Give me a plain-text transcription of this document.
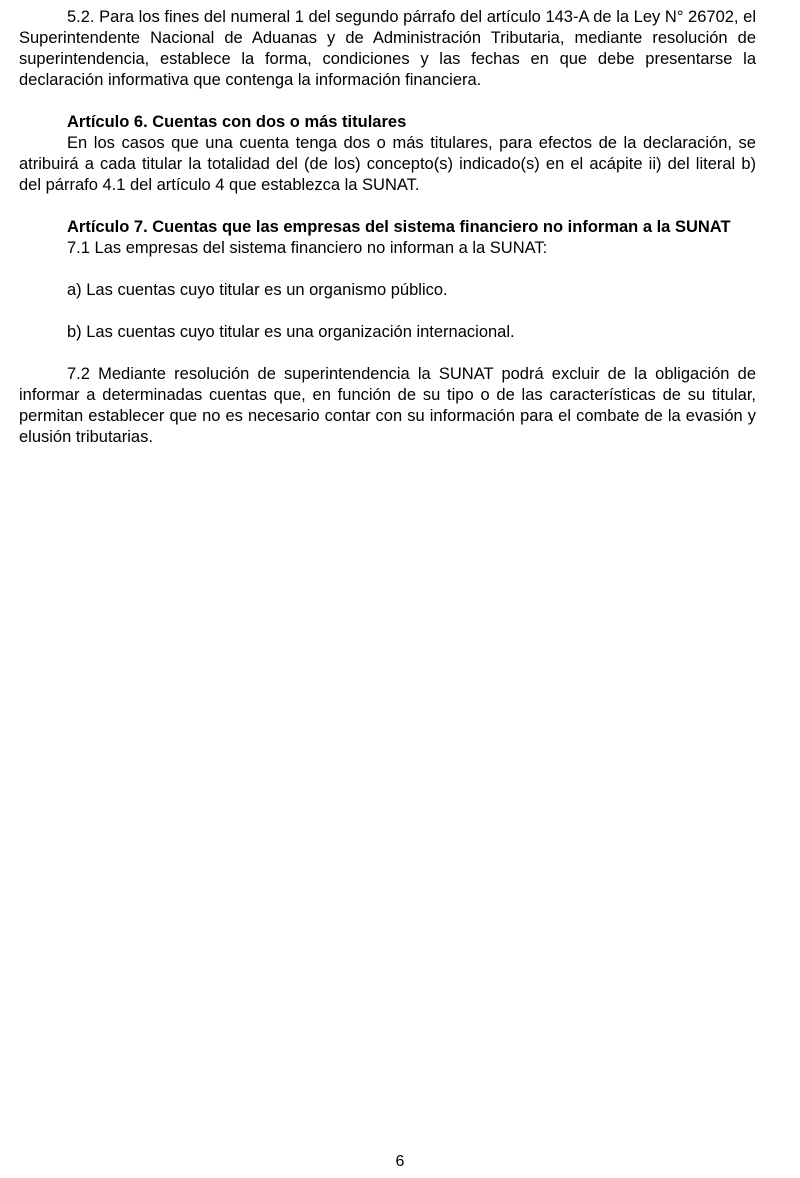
5.2. Para los fines del numeral 1 del segundo párrafo del artículo 143-A de la Ley N° 26702, el Superintendente Nacional de Aduanas y de Administración Tributaria, mediante resolución de superintendencia, establece la forma, condiciones y las fechas en que debe presentarse la declaración informativa que contenga la información financiera.

Artículo 6. Cuentas con dos o más titulares

En los casos que una cuenta tenga dos o más titulares, para efectos de la declaración, se atribuirá a cada titular la totalidad del (de los) concepto(s) indicado(s) en el acápite ii) del literal b) del párrafo 4.1 del artículo 4 que establezca la SUNAT.

Artículo 7. Cuentas que las empresas del sistema financiero no informan a la SUNAT

7.1 Las empresas del sistema financiero no informan a la SUNAT:

a) Las cuentas cuyo titular es un organismo público.

b) Las cuentas cuyo titular es una organización internacional.

7.2 Mediante resolución de superintendencia la SUNAT podrá excluir de la obligación de informar a determinadas cuentas que, en función de su tipo o de las características de su titular, permitan establecer que no es necesario contar con su información para el combate de la evasión y elusión tributarias.

6
